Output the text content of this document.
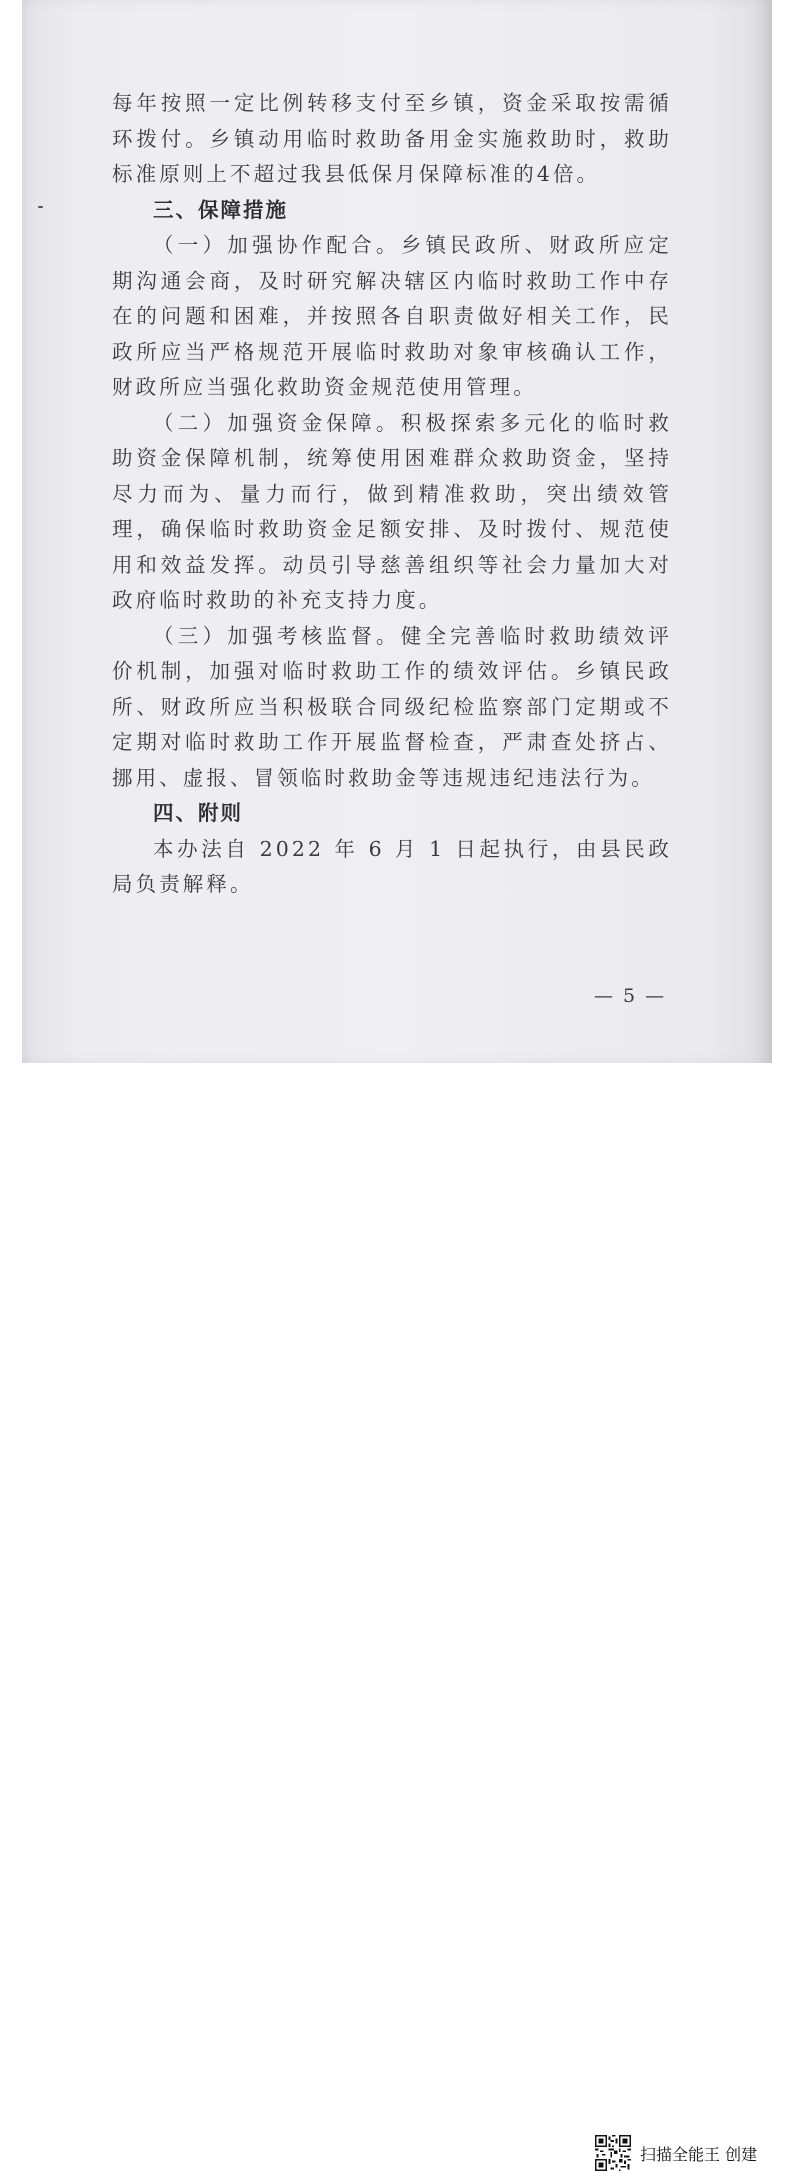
每年按照一定比例转移支付至乡镇，资金采取按需循环拨付。乡镇动用临时救助备用金实施救助时，救助标准原则上不超过我县低保月保障标准的4倍。

三、保障措施

（一）加强协作配合。乡镇民政所、财政所应定期沟通会商，及时研究解决辖区内临时救助工作中存在的问题和困难，并按照各自职责做好相关工作，民政所应当严格规范开展临时救助对象审核确认工作，财政所应当强化救助资金规范使用管理。

（二）加强资金保障。积极探索多元化的临时救助资金保障机制，统筹使用困难群众救助资金，坚持尽力而为、量力而行，做到精准救助，突出绩效管理，确保临时救助资金足额安排、及时拨付、规范使用和效益发挥。动员引导慈善组织等社会力量加大对政府临时救助的补充支持力度。

（三）加强考核监督。健全完善临时救助绩效评价机制，加强对临时救助工作的绩效评估。乡镇民政所、财政所应当积极联合同级纪检监察部门定期或不定期对临时救助工作开展监督检查，严肃查处挤占、挪用、虚报、冒领临时救助金等违规违纪违法行为。

四、附则

本办法自 2022 年 6 月 1 日起执行，由县民政局负责解释。

— 5 —
扫描全能王 创建
